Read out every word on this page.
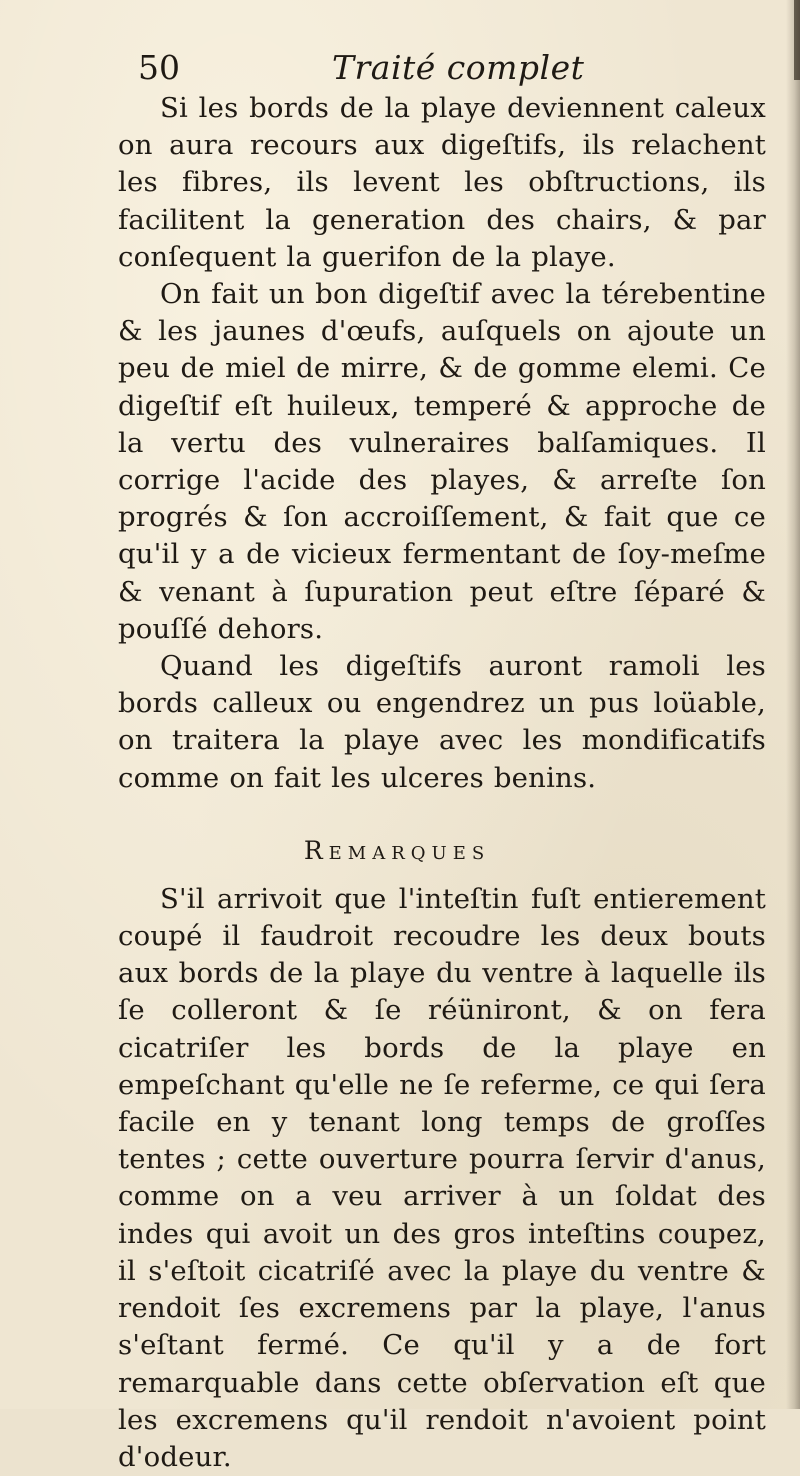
50	Traité complet

Si les bords de la playe deviennent caleux on aura recours aux digeſtifs, ils relachent les fibres, ils levent les obſtructions, ils facilitent la generation des chairs, & par conſequent la guerifon de la playe.

On fait un bon digeſtif avec la térebentine & les jaunes d'œufs, auſquels on ajoute un peu de miel de mirre, & de gomme elemi. Ce digeſtif eſt huileux, temperé & approche de la vertu des vulneraires balſamiques. Il corrige l'acide des playes, & arreſte ſon progrés & ſon accroiſſement, & fait que ce qu'il y a de vicieux fermentant de ſoy-meſme & venant à ſupuration peut eſtre ſéparé & pouſſé dehors.

Quand les digeſtifs auront ramoli les bords calleux ou engendrez un pus loüable, on traitera la playe avec les mondificatifs comme on fait les ulceres benins.

Remarques

S'il arrivoit que l'inteſtin fuſt entierement coupé il faudroit recoudre les deux bouts aux bords de la playe du ventre à laquelle ils ſe colleront & ſe réüniront, & on fera cicatriſer les bords de la playe en empeſchant qu'elle ne ſe referme, ce qui ſera facile en y tenant long temps de groſſes tentes ; cette ouverture pourra ſervir d'anus, comme on a veu arriver à un ſoldat des indes qui avoit un des gros inteſtins coupez, il s'eſtoit cicatriſé avec la playe du ventre & rendoit ſes excremens par la playe, l'anus s'eſtant fermé. Ce qu'il y a de fort remarquable dans cette obſervation eſt que les excremens qu'il rendoit n'avoient point d'odeur.
